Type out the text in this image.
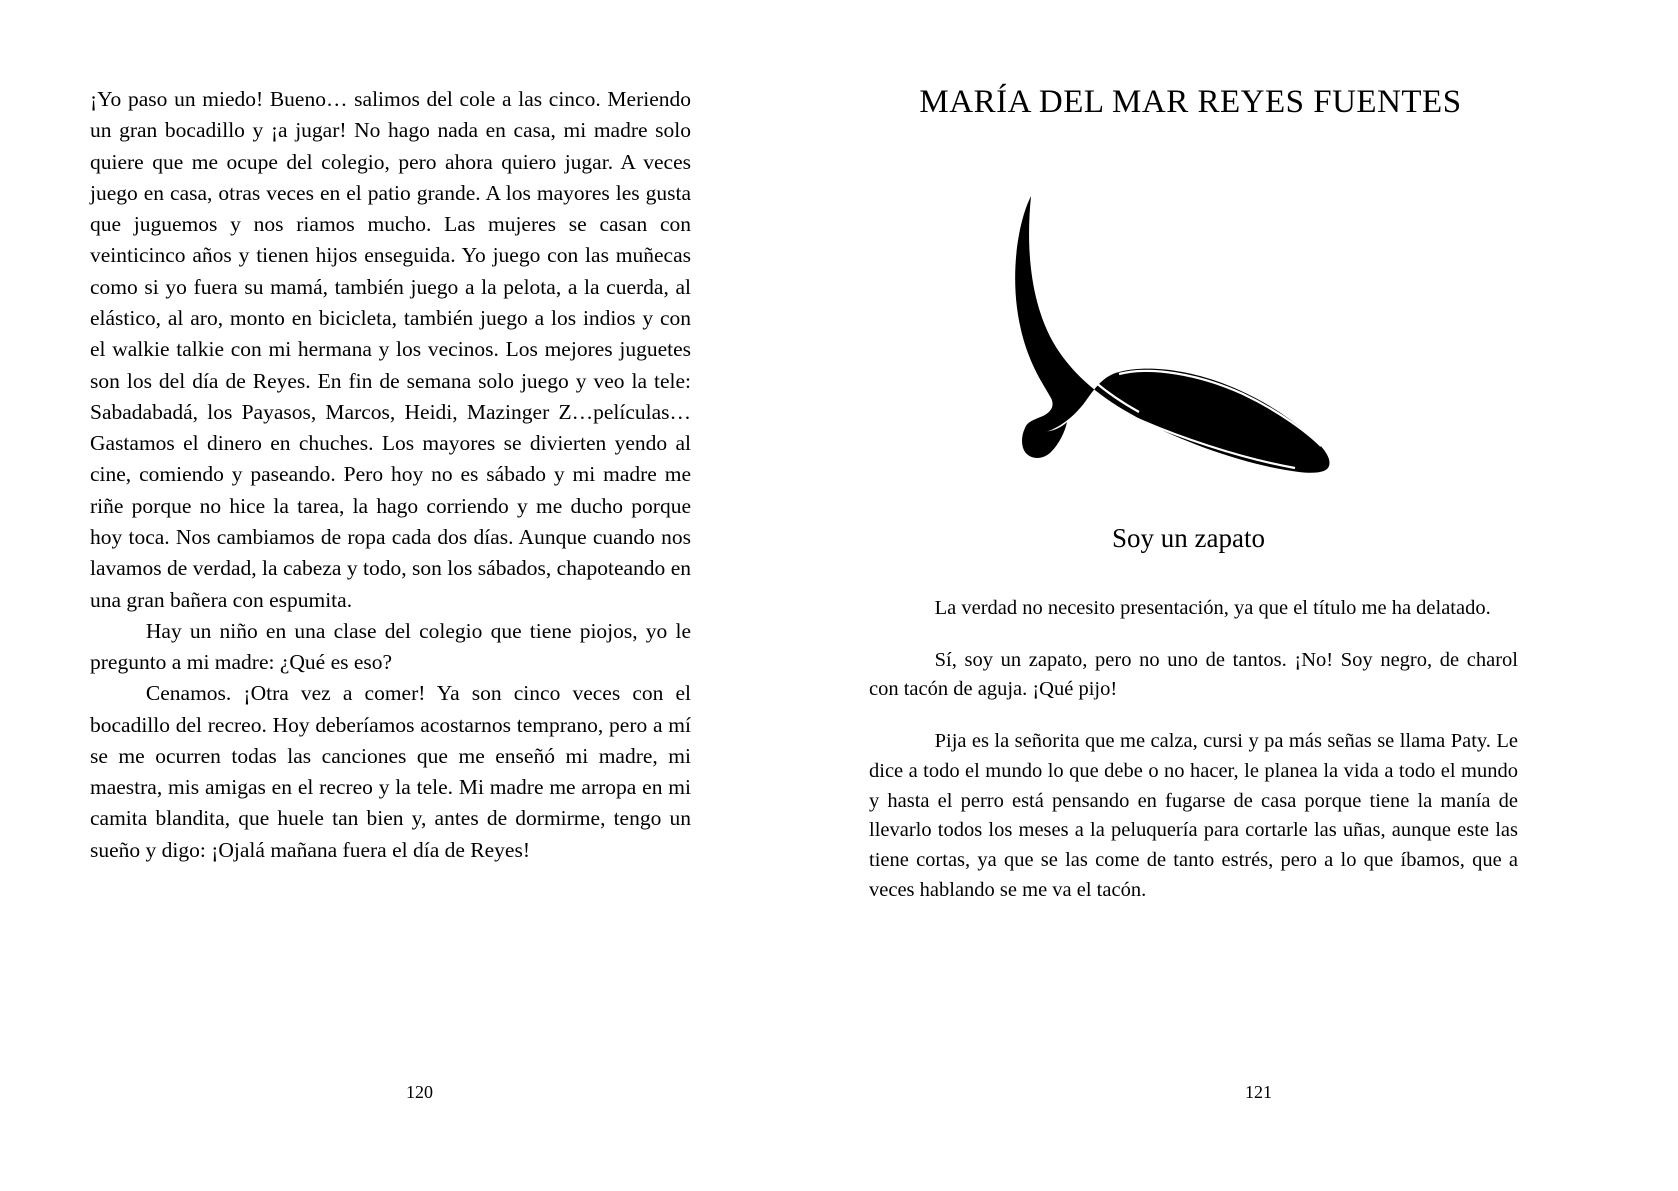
¡Yo paso un miedo! Bueno… salimos del cole a las cinco. Meriendo un gran bocadillo y ¡a jugar! No hago nada en casa, mi madre solo quiere que me ocupe del colegio, pero ahora quiero jugar. A veces juego en casa, otras veces en el patio grande. A los mayores les gusta que juguemos y nos riamos mucho. Las mujeres se casan con veinticinco años y tienen hijos enseguida. Yo juego con las muñecas como si yo fuera su mamá, también juego a la pelota, a la cuerda, al elástico, al aro, monto en bicicleta, también juego a los indios y con el walkie talkie con mi hermana y los vecinos. Los mejores juguetes son los del día de Reyes. En fin de semana solo juego y veo la tele: Sabadabadá, los Payasos, Marcos, Heidi, Mazinger Z…películas… Gastamos el dinero en chuches. Los mayores se divierten yendo al cine, comiendo y paseando. Pero hoy no es sábado y mi madre me riñe porque no hice la tarea, la hago corriendo y me ducho porque hoy toca. Nos cambiamos de ropa cada dos días. Aunque cuando nos lavamos de verdad, la cabeza y todo, son los sábados, chapoteando en una gran bañera con espumita.

Hay un niño en una clase del colegio que tiene piojos, yo le pregunto a mi madre: ¿Qué es eso?

Cenamos. ¡Otra vez a comer! Ya son cinco veces con el bocadillo del recreo. Hoy deberíamos acostarnos temprano, pero a mí se me ocurren todas las canciones que me enseñó mi madre, mi maestra, mis amigas en el recreo y la tele. Mi madre me arropa en mi camita blandita, que huele tan bien y, antes de dormirme, tengo un sueño y digo: ¡Ojalá mañana fuera el día de Reyes!

120
MARÍA DEL MAR REYES FUENTES
Soy un zapato

La verdad no necesito presentación, ya que el título me ha delatado.

Sí, soy un zapato, pero no uno de tantos. ¡No! Soy negro, de charol con tacón de aguja. ¡Qué pijo!

Pija es la señorita que me calza, cursi y pa más señas se llama Paty. Le dice a todo el mundo lo que debe o no hacer, le planea la vida a todo el mundo y hasta el perro está pensando en fugarse de casa porque tiene la manía de llevarlo todos los meses a la peluquería para cortarle las uñas, aunque este las tiene cortas, ya que se las come de tanto estrés, pero a lo que íbamos, que a veces hablando se me va el tacón.

121
